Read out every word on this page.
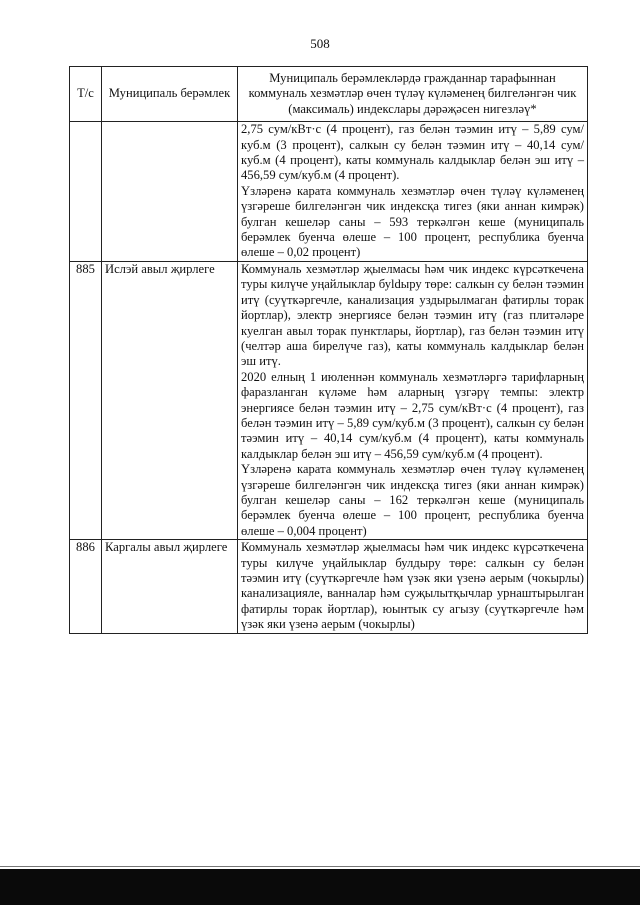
508
Т/с	Муниципаль берәмлек	Муниципаль берәмлекләрдә гражданнар тарафыннан коммуналь хезмәтләр өчен түләү күләменең билгеләнгән чик (максималь) индекслары дәрәҗәсен нигезләү*

		2,75 сум/кВт·с (4 процент), газ белән тәэмин итү – 5,89 сум/куб.м (3 процент), салкын су белән тәэмин итү – 40,14 сум/куб.м (4 процент), каты коммуналь калдыклар белән эш итү – 456,59 сум/куб.м (4 процент).

Үзләренә карата коммуналь хезмәтләр өчен түләү күләменең үзгәреше билгеләнгән чик индексқа тигез (яки аннан кимрәк) булган кешеләр саны – 593 теркәлгән кеше (муниципаль берәмлек буенча өлеше – 100 процент, республика буенча өлеше – 0,02 процент)

885	Ислэй авыл җирлеге	Коммуналь хезмәтләр җыелмасы һәм чик индекс күрсәткечена туры килүче уңайлыклар буldыру төре: салкын су белән тәэмин итү (суүткәргечле, канализация уздырылмаган фатирлы торак йортлар), электр энергиясе белән тәэмин итү (газ плитәләре куелган авыл торак пунктлары, йортлар), газ белән тәэмин итү (челтәр аша бирелүче газ), каты коммуналь калдыклар белән эш итү.

2020 елның 1 июленнән коммуналь хезмәтләргә тарифларның фаразланган күләме һәм аларның үзгәрү темпы: электр энергиясе белән тәэмин итү – 2,75 сум/кВт·с (4 процент), газ белән тәэмин итү – 5,89 сум/куб.м (3 процент), салкын су белән тәэмин итү – 40,14 сум/куб.м (4 процент), каты коммуналь калдыклар белән эш итү – 456,59 сум/куб.м (4 процент).

Үзләренә карата коммуналь хезмәтләр өчен түләү күләменең үзгәреше билгеләнгән чик индексқа тигез (яки аннан кимрәк) булган кешеләр саны – 162 теркәлгән кеше (муниципаль берәмлек буенча өлеше – 100 процент, республика буенча өлеше – 0,004 процент)

886	Каргалы авыл җирлеге	Коммуналь хезмәтләр җыелмасы һәм чик индекс күрсәткечена туры килүче уңайлыклар булдыру төре: салкын су белән тәэмин итү (суүткәргечле һәм үзәк яки үзенә аерым (чокырлы) канализацияле, ванналар һәм суҗылытқычлар урнаштырылган фатирлы торак йортлар), юынтык су агызу (суүткәргечле һәм үзәк яки үзенә аерым (чокырлы)
